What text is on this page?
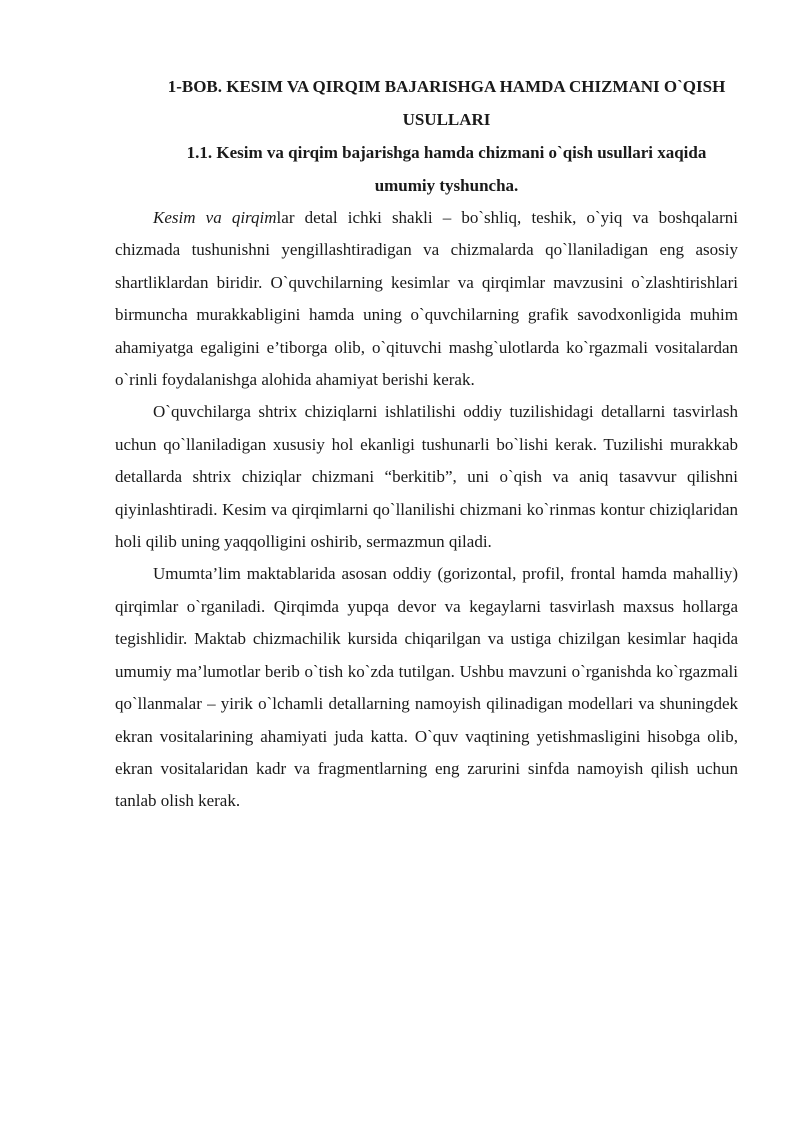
1-BOB. KESIM VA QIRQIM BAJARISHGA HAMDA CHIZMANI O`QISH USULLARI
1.1. Kesim va qirqim bajarishga hamda chizmani o`qish usullari xaqida umumiy tyshuncha.

Kesim va qirqimlar detal ichki shakli – bo`shliq, teshik, o`yiq va boshqalarni chizmada tushunishni yengillashtiradigan va chizmalarda qo`llaniladigan eng asosiy shartliklardan biridir. O`quvchilarning kesimlar va qirqimlar mavzusini o`zlashtirishlari birmuncha murakkabligini hamda uning o`quvchilarning grafik savodxonligida muhim ahamiyatga egaligini e’tiborga olib, o`qituvchi mashg`ulotlarda ko`rgazmali vositalardan o`rinli foydalanishga alohida ahamiyat berishi kerak.

O`quvchilarga shtrix chiziqlarni ishlatilishi oddiy tuzilishidagi detallarni tasvirlash uchun qo`llaniladigan xususiy hol ekanligi tushunarli bo`lishi kerak. Tuzilishi murakkab detallarda shtrix chiziqlar chizmani “berkitib”, uni o`qish va aniq tasavvur qilishni qiyinlashtiradi. Kesim va qirqimlarni qo`llanilishi chizmani ko`rinmas kontur chiziqlaridan holi qilib uning yaqqolligini oshirib, sermazmun qiladi.

Umumta’lim maktablarida asosan oddiy (gorizontal, profil, frontal hamda mahalliy) qirqimlar o`rganiladi. Qirqimda yupqa devor va kegaylarni tasvirlash maxsus hollarga tegishlidir. Maktab chizmachilik kursida chiqarilgan va ustiga chizilgan kesimlar haqida umumiy ma’lumotlar berib o`tish ko`zda tutilgan. Ushbu mavzuni o`rganishda ko`rgazmali qo`llanmalar – yirik o`lchamli detallarning namoyish qilinadigan modellari va shuningdek ekran vositalarining ahamiyati juda katta. O`quv vaqtining yetishmasligini hisobga olib, ekran vositalaridan kadr va fragmentlarning eng zarurini sinfda namoyish qilish uchun tanlab olish kerak.
